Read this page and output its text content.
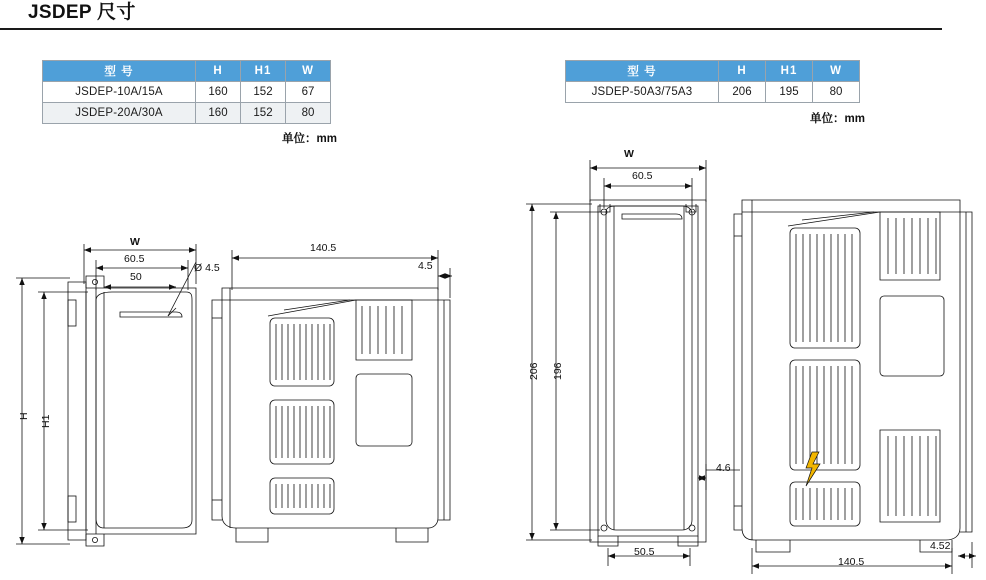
JSDEP 尺寸
型 号	H	H1	W
JSDEP-10A/15A	160	152	67
JSDEP-20A/30A	160	152	80
单位：mm
型 号	H	H1	W
JSDEP-50A3/75A3	206	195	80
单位：mm
W
60.5
50
Ø 4.5
H H1
140.5
4.5
W
60.5
206 196
4.6
50.5
140.5
4.52
